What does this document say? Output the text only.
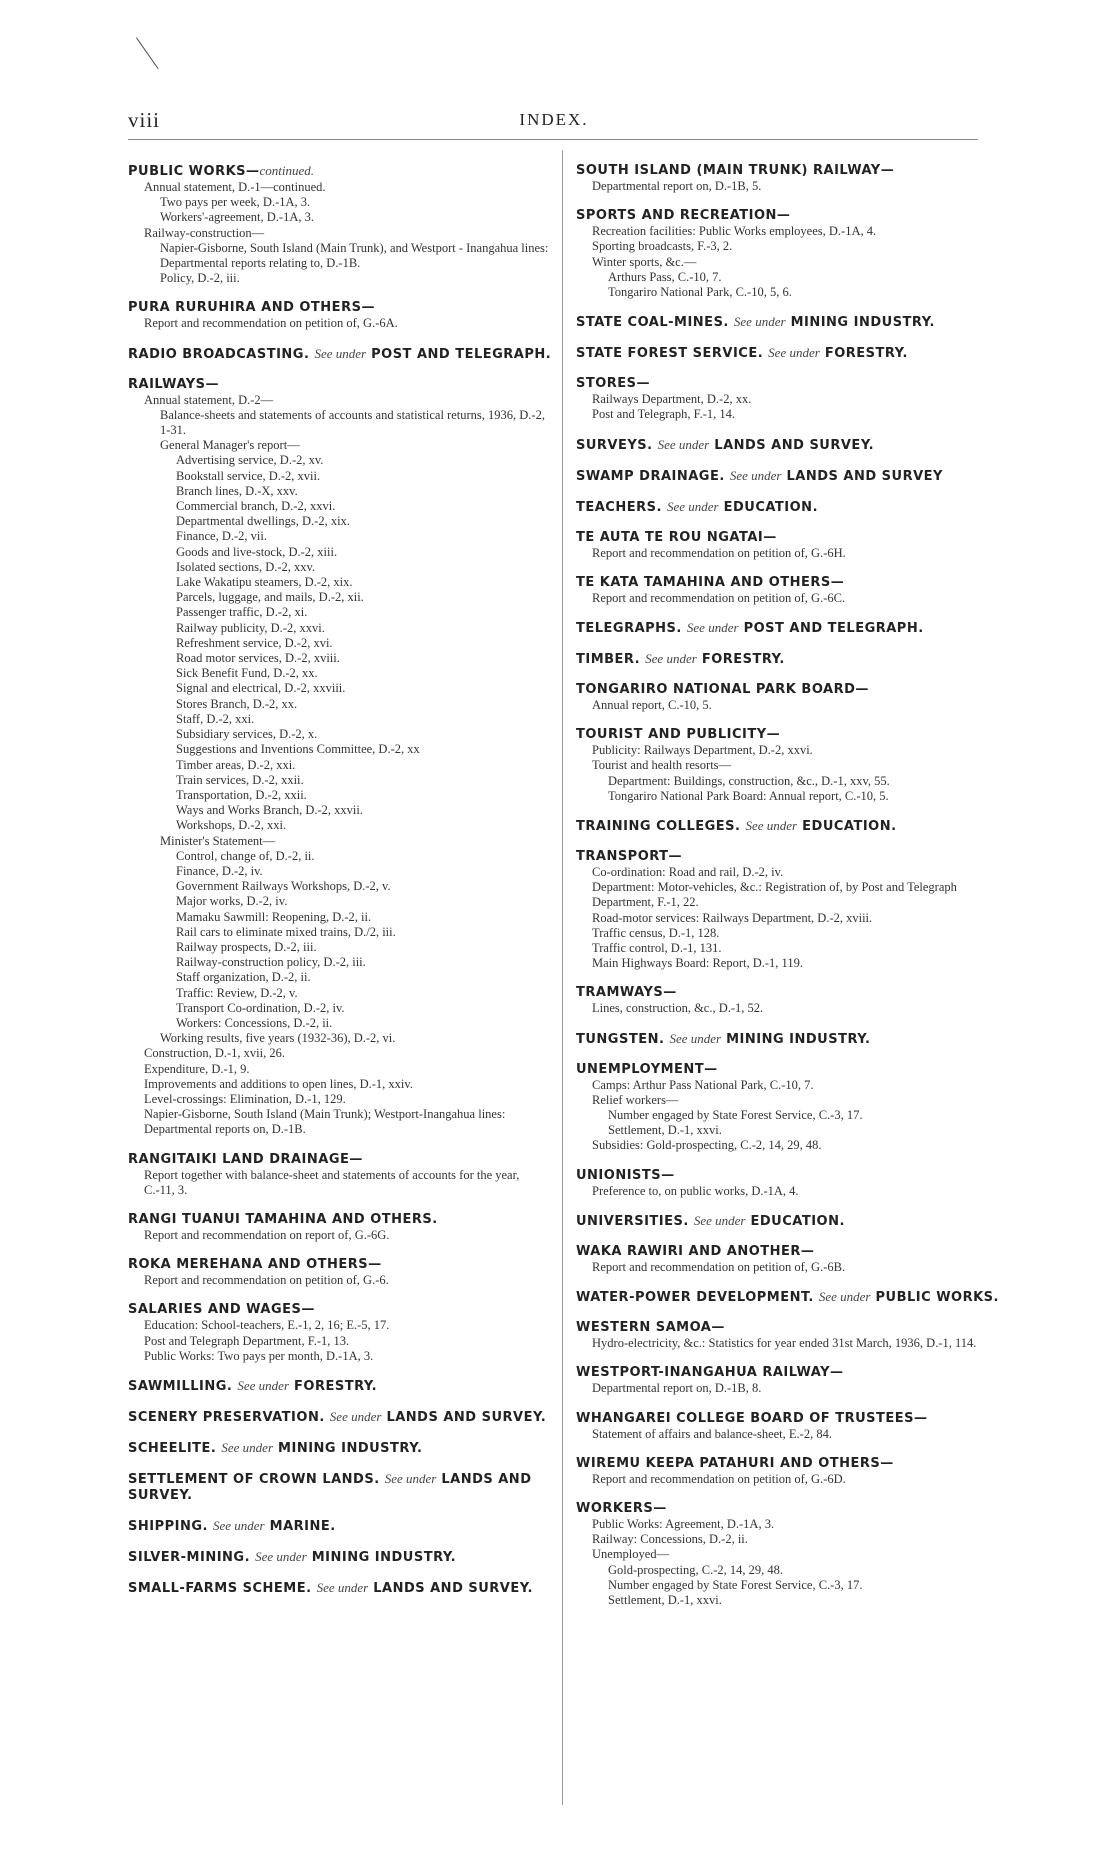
viii	INDEX.
PUBLIC WORKS—continued.
Annual statement, D.-1—continued.
Two pays per week, D.-1A, 3.
Workers'-agreement, D.-1A, 3.
Railway-construction—
Napier-Gisborne, South Island (Main Trunk), and Westport - Inangahua lines: Departmental reports relating to, D.-1B.
Policy, D.-2, iii.
PURA RURUHIRA AND OTHERS—
Report and recommendation on petition of, G.-6A.
RADIO BROADCASTING. See under POST AND TELEGRAPH.
RAILWAYS—
Annual statement, D.-2—
Balance-sheets and statements of accounts and statistical returns, 1936, D.-2, 1-31.
General Manager's report—
Advertising service, D.-2, xv.
Bookstall service, D.-2, xvii.
Branch lines, D.-X, xxv.
Commercial branch, D.-2, xxvi.
Departmental dwellings, D.-2, xix.
Finance, D.-2, vii.
Goods and live-stock, D.-2, xiii.
Isolated sections, D.-2, xxv.
Lake Wakatipu steamers, D.-2, xix.
Parcels, luggage, and mails, D.-2, xii.
Passenger traffic, D.-2, xi.
Railway publicity, D.-2, xxvi.
Refreshment service, D.-2, xvi.
Road motor services, D.-2, xviii.
Sick Benefit Fund, D.-2, xx.
Signal and electrical, D.-2, xxviii.
Stores Branch, D.-2, xx.
Staff, D.-2, xxi.
Subsidiary services, D.-2, x.
Suggestions and Inventions Committee, D.-2, xx
Timber areas, D.-2, xxi.
Train services, D.-2, xxii.
Transportation, D.-2, xxii.
Ways and Works Branch, D.-2, xxvii.
Workshops, D.-2, xxi.
Minister's Statement—
Control, change of, D.-2, ii.
Finance, D.-2, iv.
Government Railways Workshops, D.-2, v.
Major works, D.-2, iv.
Mamaku Sawmill: Reopening, D.-2, ii.
Rail cars to eliminate mixed trains, D./2, iii.
Railway prospects, D.-2, iii.
Railway-construction policy, D.-2, iii.
Staff organization, D.-2, ii.
Traffic: Review, D.-2, v.
Transport Co-ordination, D.-2, iv.
Workers: Concessions, D.-2, ii.
Working results, five years (1932-36), D.-2, vi.
Construction, D.-1, xvii, 26.
Expenditure, D.-1, 9.
Improvements and additions to open lines, D.-1, xxiv.
Level-crossings: Elimination, D.-1, 129.
Napier-Gisborne, South Island (Main Trunk); Westport-Inangahua lines: Departmental reports on, D.-1B.
RANGITAIKI LAND DRAINAGE—
Report together with balance-sheet and statements of accounts for the year, C.-11, 3.
RANGI TUANUI TAMAHINA AND OTHERS.
Report and recommendation on report of, G.-6G.
ROKA MEREHANA AND OTHERS—
Report and recommendation on petition of, G.-6.
SALARIES AND WAGES—
Education: School-teachers, E.-1, 2, 16; E.-5, 17.
Post and Telegraph Department, F.-1, 13.
Public Works: Two pays per month, D.-1A, 3.
SAWMILLING. See under FORESTRY.
SCENERY PRESERVATION. See under LANDS AND SURVEY.
SCHEELITE. See under MINING INDUSTRY.
SETTLEMENT OF CROWN LANDS. See under LANDS AND SURVEY.
SHIPPING. See under MARINE.
SILVER-MINING. See under MINING INDUSTRY.
SMALL-FARMS SCHEME. See under LANDS AND SURVEY.
SOUTH ISLAND (MAIN TRUNK) RAILWAY—
Departmental report on, D.-1B, 5.
SPORTS AND RECREATION—
Recreation facilities: Public Works employees, D.-1A, 4.
Sporting broadcasts, F.-3, 2.
Winter sports, &c.—
Arthurs Pass, C.-10, 7.
Tongariro National Park, C.-10, 5, 6.
STATE COAL-MINES. See under MINING INDUSTRY.
STATE FOREST SERVICE. See under FORESTRY.
STORES—
Railways Department, D.-2, xx.
Post and Telegraph, F.-1, 14.
SURVEYS. See under LANDS AND SURVEY.
SWAMP DRAINAGE. See under LANDS AND SURVEY
TEACHERS. See under EDUCATION.
TE AUTA TE ROU NGATAI—
Report and recommendation on petition of, G.-6H.
TE KATA TAMAHINA AND OTHERS—
Report and recommendation on petition of, G.-6C.
TELEGRAPHS. See under POST AND TELEGRAPH.
TIMBER. See under FORESTRY.
TONGARIRO NATIONAL PARK BOARD—
Annual report, C.-10, 5.
TOURIST AND PUBLICITY—
Publicity: Railways Department, D.-2, xxvi.
Tourist and health resorts—
Department: Buildings, construction, &c., D.-1, xxv, 55.
Tongariro National Park Board: Annual report, C.-10, 5.
TRAINING COLLEGES. See under EDUCATION.
TRANSPORT—
Co-ordination: Road and rail, D.-2, iv.
Department: Motor-vehicles, &c.: Registration of, by Post and Telegraph Department, F.-1, 22.
Road-motor services: Railways Department, D.-2, xviii.
Traffic census, D.-1, 128.
Traffic control, D.-1, 131.
Main Highways Board: Report, D.-1, 119.
TRAMWAYS—
Lines, construction, &c., D.-1, 52.
TUNGSTEN. See under MINING INDUSTRY.
UNEMPLOYMENT—
Camps: Arthur Pass National Park, C.-10, 7.
Relief workers—
Number engaged by State Forest Service, C.-3, 17.
Settlement, D.-1, xxvi.
Subsidies: Gold-prospecting, C.-2, 14, 29, 48.
UNIONISTS—
Preference to, on public works, D.-1A, 4.
UNIVERSITIES. See under EDUCATION.
WAKA RAWIRI AND ANOTHER—
Report and recommendation on petition of, G.-6B.
WATER-POWER DEVELOPMENT. See under PUBLIC WORKS.
WESTERN SAMOA—
Hydro-electricity, &c.: Statistics for year ended 31st March, 1936, D.-1, 114.
WESTPORT-INANGAHUA RAILWAY—
Departmental report on, D.-1B, 8.
WHANGAREI COLLEGE BOARD OF TRUSTEES—
Statement of affairs and balance-sheet, E.-2, 84.
WIREMU KEEPA PATAHURI AND OTHERS—
Report and recommendation on petition of, G.-6D.
WORKERS—
Public Works: Agreement, D.-1A, 3.
Railway: Concessions, D.-2, ii.
Unemployed—
Gold-prospecting, C.-2, 14, 29, 48.
Number engaged by State Forest Service, C.-3, 17.
Settlement, D.-1, xxvi.
